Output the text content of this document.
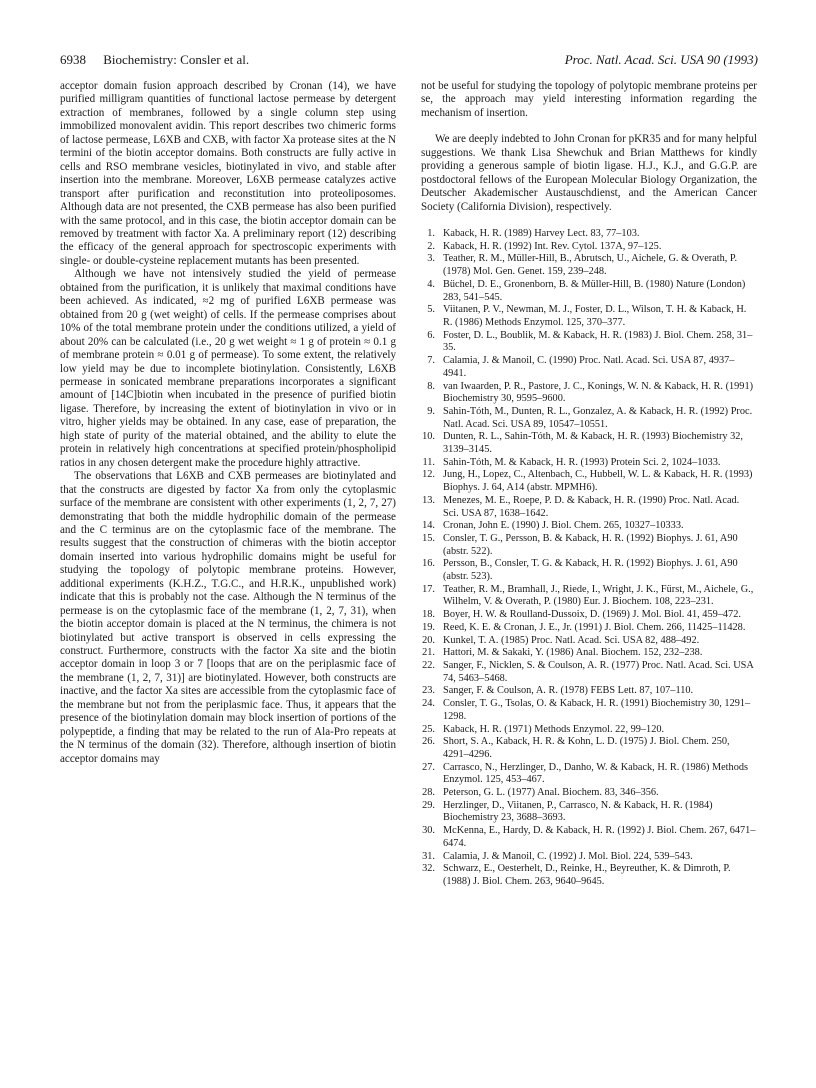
6938 Biochemistry: Consler et al.	Proc. Natl. Acad. Sci. USA 90 (1993)

acceptor domain fusion approach described by Cronan (14), we have purified milligram quantities of functional lactose permease by detergent extraction of membranes, followed by a single column step using immobilized monovalent avidin. This report describes two chimeric forms of lactose permease, L6XB and CXB, with factor Xa protease sites at the N termini of the biotin acceptor domains. Both constructs are fully active in cells and RSO membrane vesicles, biotinylated in vivo, and stable after insertion into the membrane. Moreover, L6XB permease catalyzes active transport after purification and reconstitution into proteoliposomes. Although data are not presented, the CXB permease has also been purified with the same protocol, and in this case, the biotin acceptor domain can be removed by treatment with factor Xa. A preliminary report (12) describing the efficacy of the general approach for spectroscopic experiments with single- or double-cysteine replacement mutants has been presented.

Although we have not intensively studied the yield of permease obtained from the purification, it is unlikely that maximal conditions have been achieved. As indicated, ≈2 mg of purified L6XB permease was obtained from 20 g (wet weight) of cells. If the permease comprises about 10% of the total membrane protein under the conditions utilized, a yield of about 20% can be calculated (i.e., 20 g wet weight ≈ 1 g of protein ≈ 0.1 g of membrane protein ≈ 0.01 g of permease). To some extent, the relatively low yield may be due to incomplete biotinylation. Consistently, L6XB permease in sonicated membrane preparations incorporates a significant amount of [14C]biotin when incubated in the presence of purified biotin ligase. Therefore, by increasing the extent of biotinylation in vivo or in vitro, higher yields may be obtained. In any case, ease of preparation, the high state of purity of the material obtained, and the ability to elute the protein in relatively high concentrations at specified protein/phospholipid ratios in any chosen detergent make the procedure highly attractive.

The observations that L6XB and CXB permeases are biotinylated and that the constructs are digested by factor Xa from only the cytoplasmic surface of the membrane are consistent with other experiments (1, 2, 7, 27) demonstrating that both the middle hydrophilic domain of the permease and the C terminus are on the cytoplasmic face of the membrane. The results suggest that the construction of chimeras with the biotin acceptor domain inserted into various hydrophilic domains might be useful for studying the topology of polytopic membrane proteins. However, additional experiments (K.H.Z., T.G.C., and H.R.K., unpublished work) indicate that this is probably not the case. Although the N terminus of the permease is on the cytoplasmic face of the membrane (1, 2, 7, 31), when the biotin acceptor domain is placed at the N terminus, the chimera is not biotinylated but active transport is observed in cells expressing the construct. Furthermore, constructs with the factor Xa site and the biotin acceptor domain in loop 3 or 7 [loops that are on the periplasmic face of the membrane (1, 2, 7, 31)] are biotinylated. However, both constructs are inactive, and the factor Xa sites are accessible from the cytoplasmic face of the membrane but not from the periplasmic face. Thus, it appears that the presence of the biotinylation domain may block insertion of portions of the polypeptide, a finding that may be related to the run of Ala-Pro repeats at the N terminus of the domain (32). Therefore, although insertion of biotin acceptor domains may

not be useful for studying the topology of polytopic membrane proteins per se, the approach may yield interesting information regarding the mechanism of insertion.

We are deeply indebted to John Cronan for pKR35 and for many helpful suggestions. We thank Lisa Shewchuk and Brian Matthews for kindly providing a generous sample of biotin ligase. H.J., K.J., and G.G.P. are postdoctoral fellows of the European Molecular Biology Organization, the Deutscher Akademischer Austauschdienst, and the American Cancer Society (California Division), respectively.

1 . Kaback, H. R. (1989) Harvey Lect. 83, 77–103.
2 . Kaback, H. R. (1992) Int. Rev. Cytol. 137A, 97–125.
3 . Teather, R. M., Müller-Hill, B., Abrutsch, U., Aichele, G. & Overath, P. (1978) Mol. Gen. Genet. 159, 239–248.
4 . Büchel, D. E., Gronenborn, B. & Müller-Hill, B. (1980) Nature (London) 283, 541–545.
5 . Viitanen, P. V., Newman, M. J., Foster, D. L., Wilson, T. H. & Kaback, H. R. (1986) Methods Enzymol. 125, 370–377.
6 . Foster, D. L., Boublik, M. & Kaback, H. R. (1983) J. Biol. Chem. 258, 31–35.
7 . Calamia, J. & Manoil, C. (1990) Proc. Natl. Acad. Sci. USA 87, 4937–4941.
8 . van Iwaarden, P. R., Pastore, J. C., Konings, W. N. & Kaback, H. R. (1991) Biochemistry 30, 9595–9600.
9 . Sahin-Tóth, M., Dunten, R. L., Gonzalez, A. & Kaback, H. R. (1992) Proc. Natl. Acad. Sci. USA 89, 10547–10551.
10 . Dunten, R. L., Sahin-Tóth, M. & Kaback, H. R. (1993) Biochemistry 32, 3139–3145.
11 . Sahin-Tóth, M. & Kaback, H. R. (1993) Protein Sci. 2, 1024–1033.
12 . Jung, H., Lopez, C., Altenbach, C., Hubbell, W. L. & Kaback, H. R. (1993) Biophys. J. 64, A14 (abstr. MPMH6).
13 . Menezes, M. E., Roepe, P. D. & Kaback, H. R. (1990) Proc. Natl. Acad. Sci. USA 87, 1638–1642.
14 . Cronan, John E. (1990) J. Biol. Chem. 265, 10327–10333.
15 . Consler, T. G., Persson, B. & Kaback, H. R. (1992) Biophys. J. 61, A90 (abstr. 522).
16 . Persson, B., Consler, T. G. & Kaback, H. R. (1992) Biophys. J. 61, A90 (abstr. 523).
17 . Teather, R. M., Bramhall, J., Riede, I., Wright, J. K., Fürst, M., Aichele, G., Wilhelm, V. & Overath, P. (1980) Eur. J. Biochem. 108, 223–231.
18 . Boyer, H. W. & Roulland-Dussoix, D. (1969) J. Mol. Biol. 41, 459–472.
19 . Reed, K. E. & Cronan, J. E., Jr. (1991) J. Biol. Chem. 266, 11425–11428.
20 . Kunkel, T. A. (1985) Proc. Natl. Acad. Sci. USA 82, 488–492.
21 . Hattori, M. & Sakaki, Y. (1986) Anal. Biochem. 152, 232–238.
22 . Sanger, F., Nicklen, S. & Coulson, A. R. (1977) Proc. Natl. Acad. Sci. USA 74, 5463–5468.
23 . Sanger, F. & Coulson, A. R. (1978) FEBS Lett. 87, 107–110.
24 . Consler, T. G., Tsolas, O. & Kaback, H. R. (1991) Biochemistry 30, 1291–1298.
25 . Kaback, H. R. (1971) Methods Enzymol. 22, 99–120.
26 . Short, S. A., Kaback, H. R. & Kohn, L. D. (1975) J. Biol. Chem. 250, 4291–4296.
27 . Carrasco, N., Herzlinger, D., Danho, W. & Kaback, H. R. (1986) Methods Enzymol. 125, 453–467.
28 . Peterson, G. L. (1977) Anal. Biochem. 83, 346–356.
29 . Herzlinger, D., Viitanen, P., Carrasco, N. & Kaback, H. R. (1984) Biochemistry 23, 3688–3693.
30 . McKenna, E., Hardy, D. & Kaback, H. R. (1992) J. Biol. Chem. 267, 6471–6474.
31 . Calamia, J. & Manoil, C. (1992) J. Mol. Biol. 224, 539–543.
32 . Schwarz, E., Oesterhelt, D., Reinke, H., Beyreuther, K. & Dimroth, P. (1988) J. Biol. Chem. 263, 9640–9645.
